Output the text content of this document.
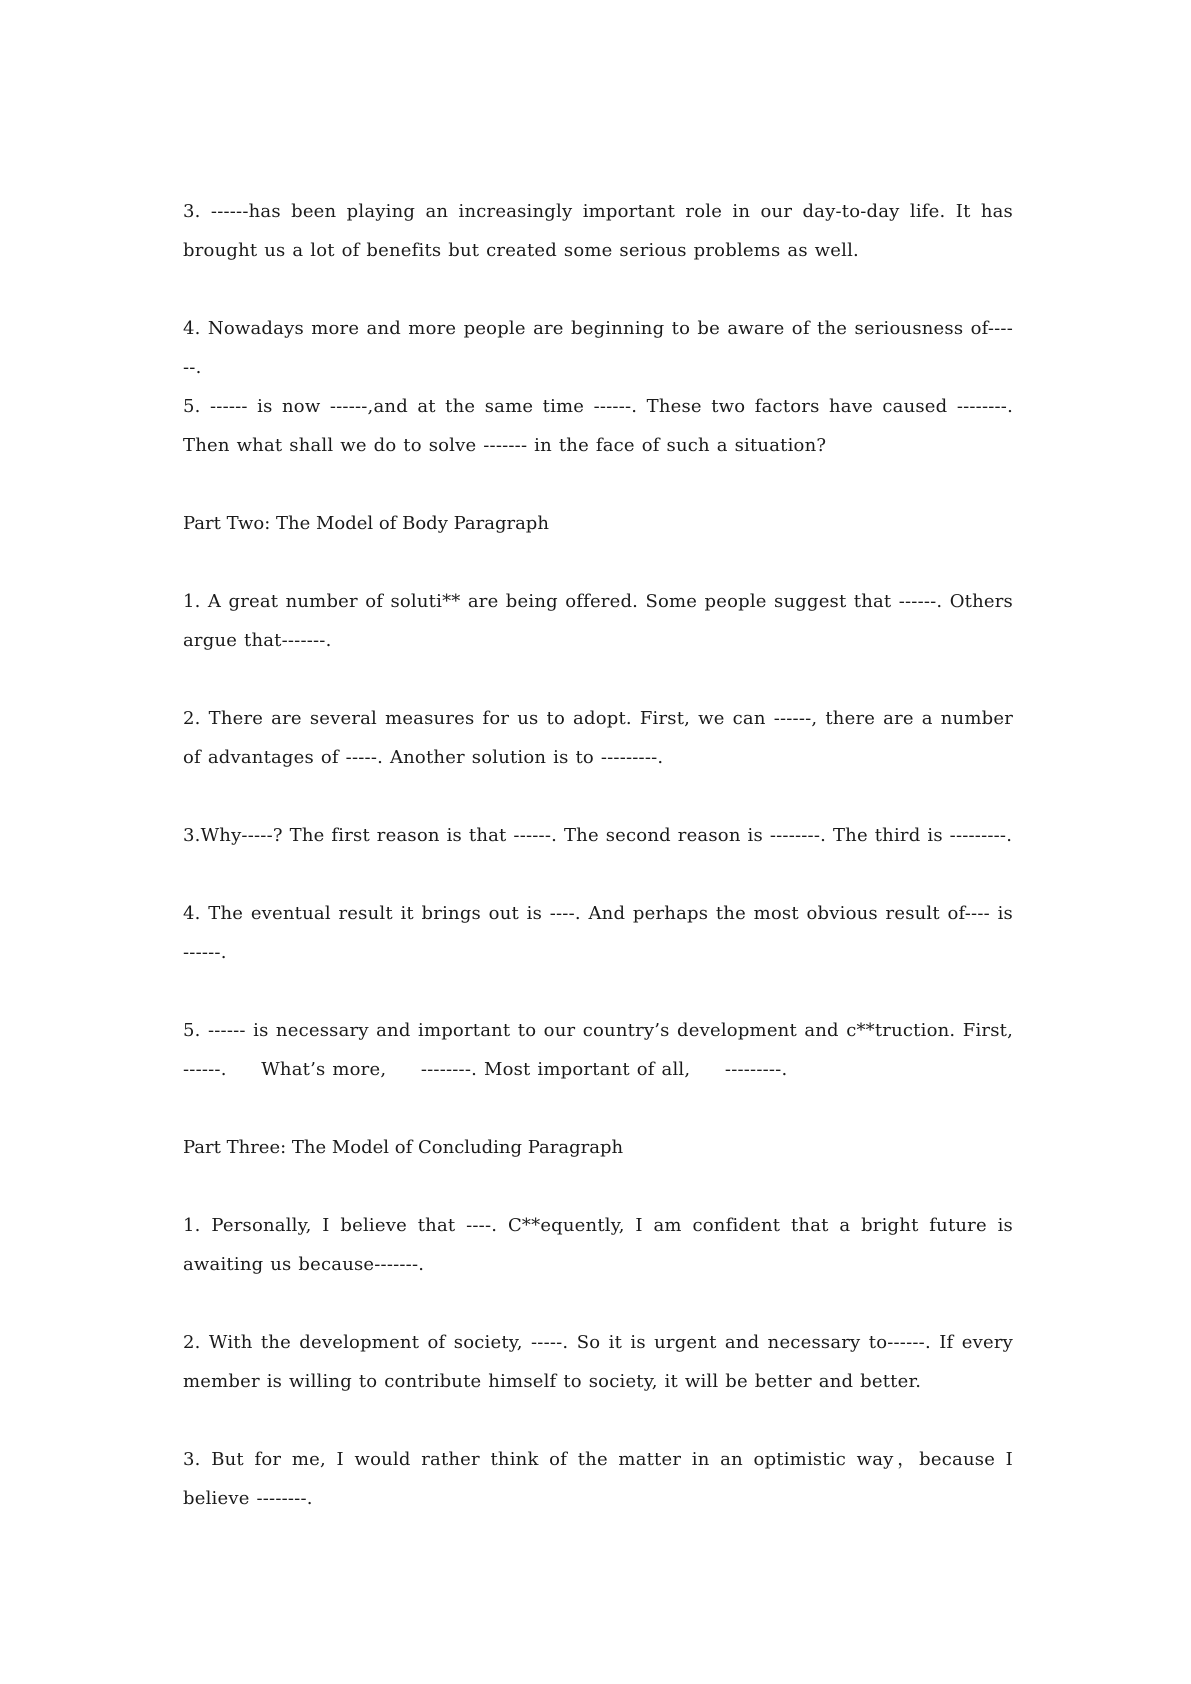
3. ------has been playing an increasingly important role in our day-to-day life. It has brought us a lot of benefits but created some serious problems as well.
4. Nowadays more and more people are beginning to be aware of the seriousness of------.
5. ------ is now ------,and at the same time ------. These two factors have caused --------. Then what shall we do to solve ------- in the face of such a situation?
Part Two: The Model of Body Paragraph
1. A great number of soluti** are being offered. Some people suggest that ------. Others argue that-------.
2. There are several measures for us to adopt. First, we can ------, there are a number of advantages of -----. Another solution is to ---------.
3.Why-----? The first reason is that ------. The second reason is --------. The third is ---------.
4. The eventual result it brings out is ----. And perhaps the most obvious result of---- is ------.
5. ------ is necessary and important to our country’s development and c**truction. First, ------.     What’s more,     --------. Most important of all,     ---------.
Part Three: The Model of Concluding Paragraph
1. Personally, I believe that ----. C**equently, I am confident that a bright future is awaiting us because-------.
2. With the development of society, -----. So it is urgent and necessary to------. If every member is willing to contribute himself to society, it will be better and better.
3. But for me, I would rather think of the matter in an optimistic way，because I believe --------.
